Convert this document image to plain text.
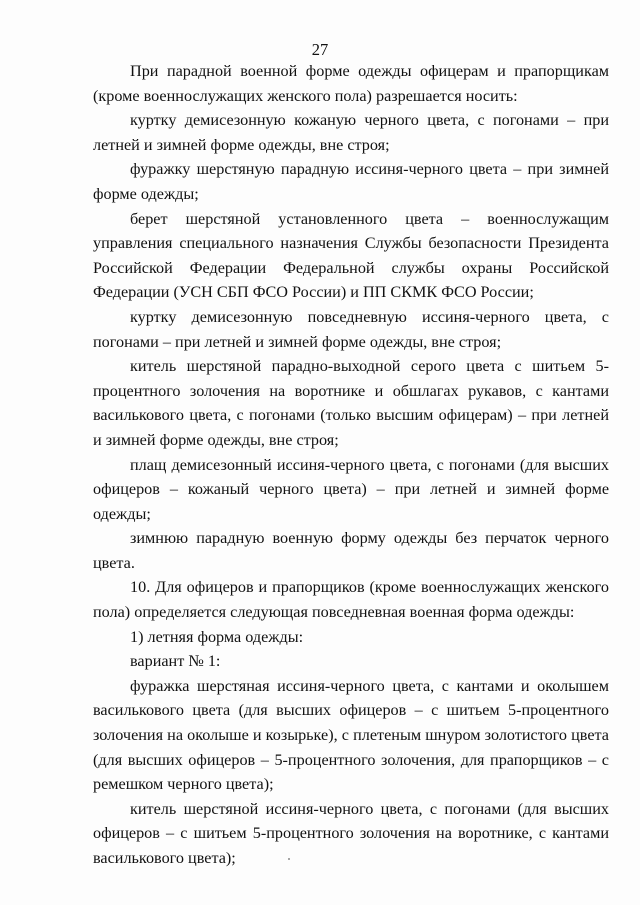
27

При парадной военной форме одежды офицерам и прапорщикам (кроме военнослужащих женского пола) разрешается носить:

куртку демисезонную кожаную черного цвета, с погонами – при летней и зимней форме одежды, вне строя;

фуражку шерстяную парадную иссиня-черного цвета – при зимней форме одежды;

берет шерстяной установленного цвета – военнослужащим управления специального назначения Службы безопасности Президента Российской Федерации Федеральной службы охраны Российской Федерации (УСН СБП ФСО России) и ПП СКМК ФСО России;

куртку демисезонную повседневную иссиня-черного цвета, с погонами – при летней и зимней форме одежды, вне строя;

китель шерстяной парадно-выходной серого цвета с шитьем 5-процентного золочения на воротнике и обшлагах рукавов, с кантами василькового цвета, с погонами (только высшим офицерам) – при летней и зимней форме одежды, вне строя;

плащ демисезонный иссиня-черного цвета, с погонами (для высших офицеров – кожаный черного цвета) – при летней и зимней форме одежды;

зимнюю парадную военную форму одежды без перчаток черного цвета.

10. Для офицеров и прапорщиков (кроме военнослужащих женского пола) определяется следующая повседневная военная форма одежды:

1) летняя форма одежды:

вариант № 1:

фуражка шерстяная иссиня-черного цвета, с кантами и околышем василькового цвета (для высших офицеров – с шитьем 5-процентного золочения на околыше и козырьке), с плетеным шнуром золотистого цвета (для высших офицеров – 5-процентного золочения, для прапорщиков – с ремешком черного цвета);

китель шерстяной иссиня-черного цвета, с погонами (для высших офицеров – с шитьем 5-процентного золочения на воротнике, с кантами василькового цвета);
